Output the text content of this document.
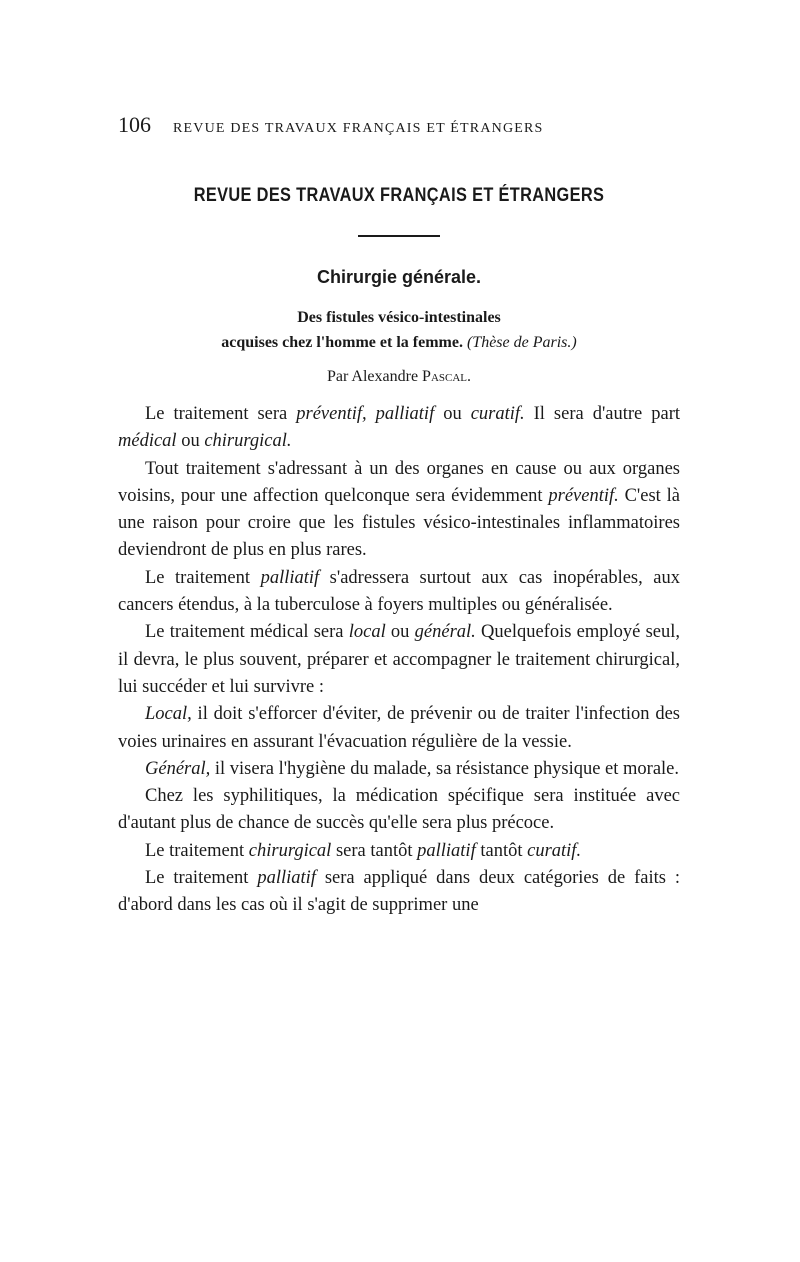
106 REVUE DES TRAVAUX FRANÇAIS ET ÉTRANGERS
REVUE DES TRAVAUX FRANÇAIS ET ÉTRANGERS
Chirurgie générale.
Des fistules vésico-intestinales
acquises chez l'homme et la femme. (Thèse de Paris.)
Par Alexandre Pascal.

Le traitement sera préventif, palliatif ou curatif. Il sera d'autre part médical ou chirurgical.

Tout traitement s'adressant à un des organes en cause ou aux organes voisins, pour une affection quelconque sera évidemment préventif. C'est là une raison pour croire que les fistules vésico-intestinales inflammatoires deviendront de plus en plus rares.

Le traitement palliatif s'adressera surtout aux cas inopérables, aux cancers étendus, à la tuberculose à foyers multiples ou généralisée.

Le traitement médical sera local ou général. Quelquefois employé seul, il devra, le plus souvent, préparer et accompagner le traitement chirurgical, lui succéder et lui survivre :

Local, il doit s'efforcer d'éviter, de prévenir ou de traiter l'infection des voies urinaires en assurant l'évacuation régulière de la vessie.

Général, il visera l'hygiène du malade, sa résistance physique et morale.

Chez les syphilitiques, la médication spécifique sera instituée avec d'autant plus de chance de succès qu'elle sera plus précoce.

Le traitement chirurgical sera tantôt palliatif tantôt curatif.

Le traitement palliatif sera appliqué dans deux catégories de faits : d'abord dans les cas où il s'agit de supprimer une
